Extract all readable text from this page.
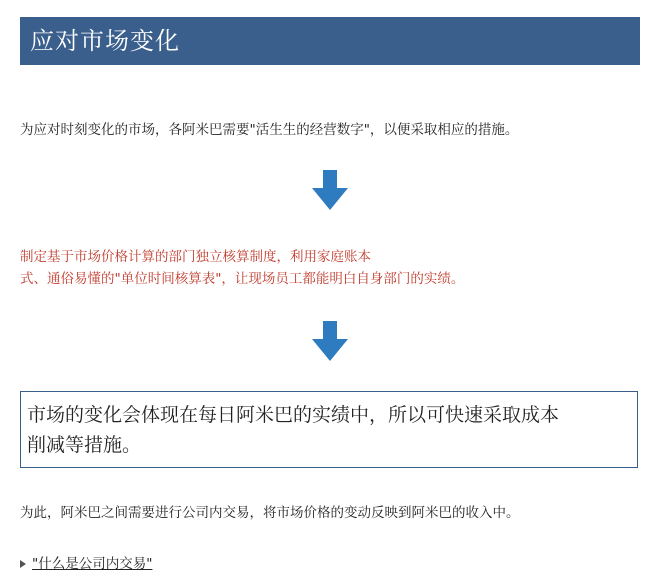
应对市场变化
为应对时刻变化的市场，各阿米巴需要"活生生的经营数字"，以便采取相应的措施。
制定基于市场价格计算的部门独立核算制度，利用家庭账本
式、通俗易懂的"单位时间核算表"，让现场员工都能明白自身部门的实绩。
市场的变化会体现在每日阿米巴的实绩中，所以可快速采取成本
削减等措施。
为此，阿米巴之间需要进行公司内交易，将市场价格的变动反映到阿米巴的收入中。
"什么是公司内交易"
